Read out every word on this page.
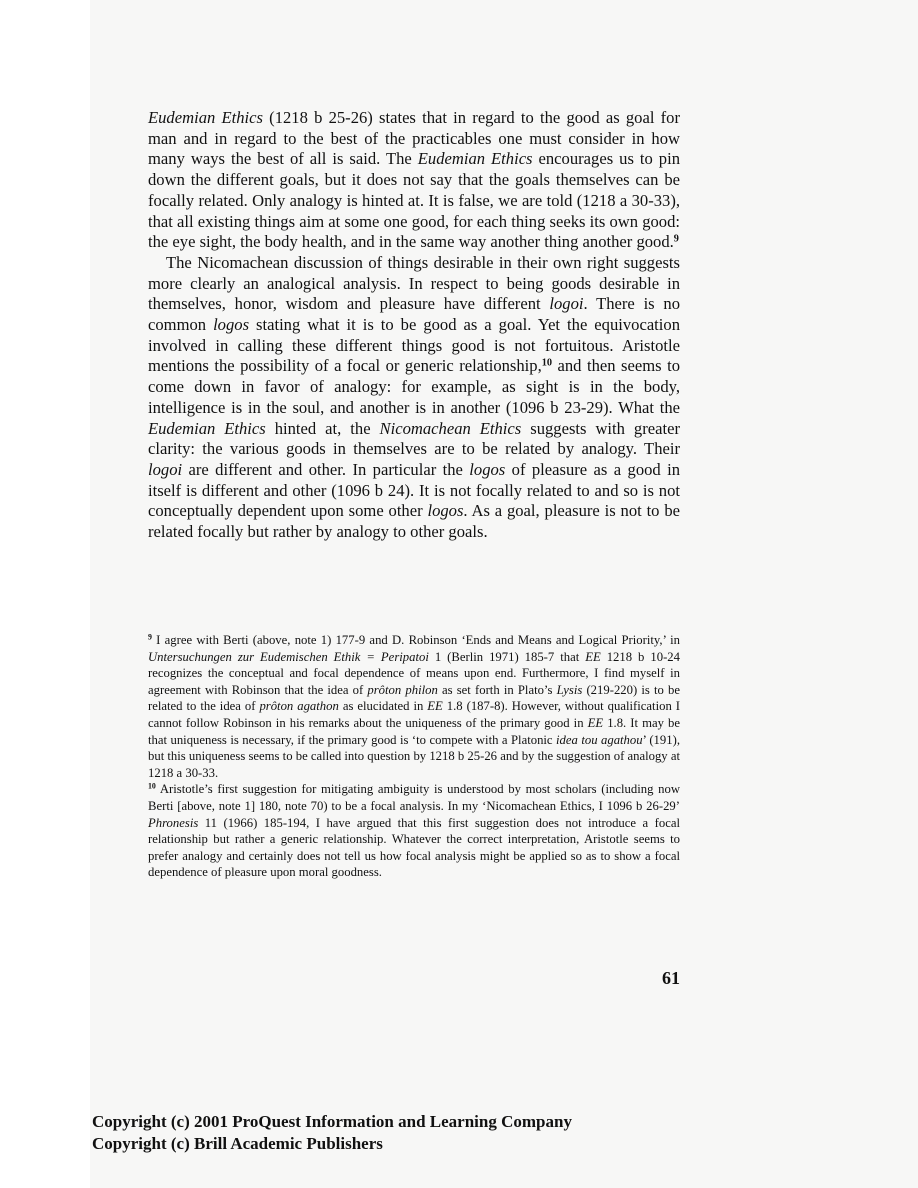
Eudemian Ethics (1218 b 25-26) states that in regard to the good as goal for man and in regard to the best of the practicables one must consider in how many ways the best of all is said. The Eudemian Ethics encourages us to pin down the different goals, but it does not say that the goals themselves can be focally related. Only analogy is hinted at. It is false, we are told (1218 a 30-33), that all existing things aim at some one good, for each thing seeks its own good: the eye sight, the body health, and in the same way another thing another good.$^9$

The Nicomachean discussion of things desirable in their own right suggests more clearly an analogical analysis. In respect to being goods desirable in themselves, honor, wisdom and pleasure have different logoi. There is no common logos stating what it is to be good as a goal. Yet the equivocation involved in calling these different things good is not fortuitous. Aristotle mentions the possibility of a focal or generic relationship,$^{10}$ and then seems to come down in favor of analogy: for example, as sight is in the body, intelligence is in the soul, and another is in another (1096 b 23-29). What the Eudemian Ethics hinted at, the Nicomachean Ethics suggests with greater clarity: the various goods in themselves are to be related by analogy. Their logoi are different and other. In particular the logos of pleasure as a good in itself is different and other (1096 b 24). It is not focally related to and so is not conceptually dependent upon some other logos. As a goal, pleasure is not to be related focally but rather by analogy to other goals.

$^9$ I agree with Berti (above, note 1) 177-9 and D. Robinson ‘Ends and Means and Logical Priority,’ in Untersuchungen zur Eudemischen Ethik = Peripatoi 1 (Berlin 1971) 185-7 that EE 1218 b 10-24 recognizes the conceptual and focal dependence of means upon end. Furthermore, I find myself in agreement with Robinson that the idea of prôton philon as set forth in Plato’s Lysis (219-220) is to be related to the idea of prôton agathon as elucidated in EE 1.8 (187-8). However, without qualification I cannot follow Robinson in his remarks about the uniqueness of the primary good in EE 1.8. It may be that uniqueness is necessary, if the primary good is ‘to compete with a Platonic idea tou agathou’ (191), but this uniqueness seems to be called into question by 1218 b 25-26 and by the suggestion of analogy at 1218 a 30-33.

$^{10}$ Aristotle’s first suggestion for mitigating ambiguity is understood by most scholars (including now Berti [above, note 1] 180, note 70) to be a focal analysis. In my ‘Nicomachean Ethics, I 1096 b 26-29’ Phronesis 11 (1966) 185-194, I have argued that this first suggestion does not introduce a focal relationship but rather a generic relationship. Whatever the correct interpretation, Aristotle seems to prefer analogy and certainly does not tell us how focal analysis might be applied so as to show a focal dependence of pleasure upon moral goodness.

61
Copyright (c) 2001 ProQuest Information and Learning Company
Copyright (c) Brill Academic Publishers
